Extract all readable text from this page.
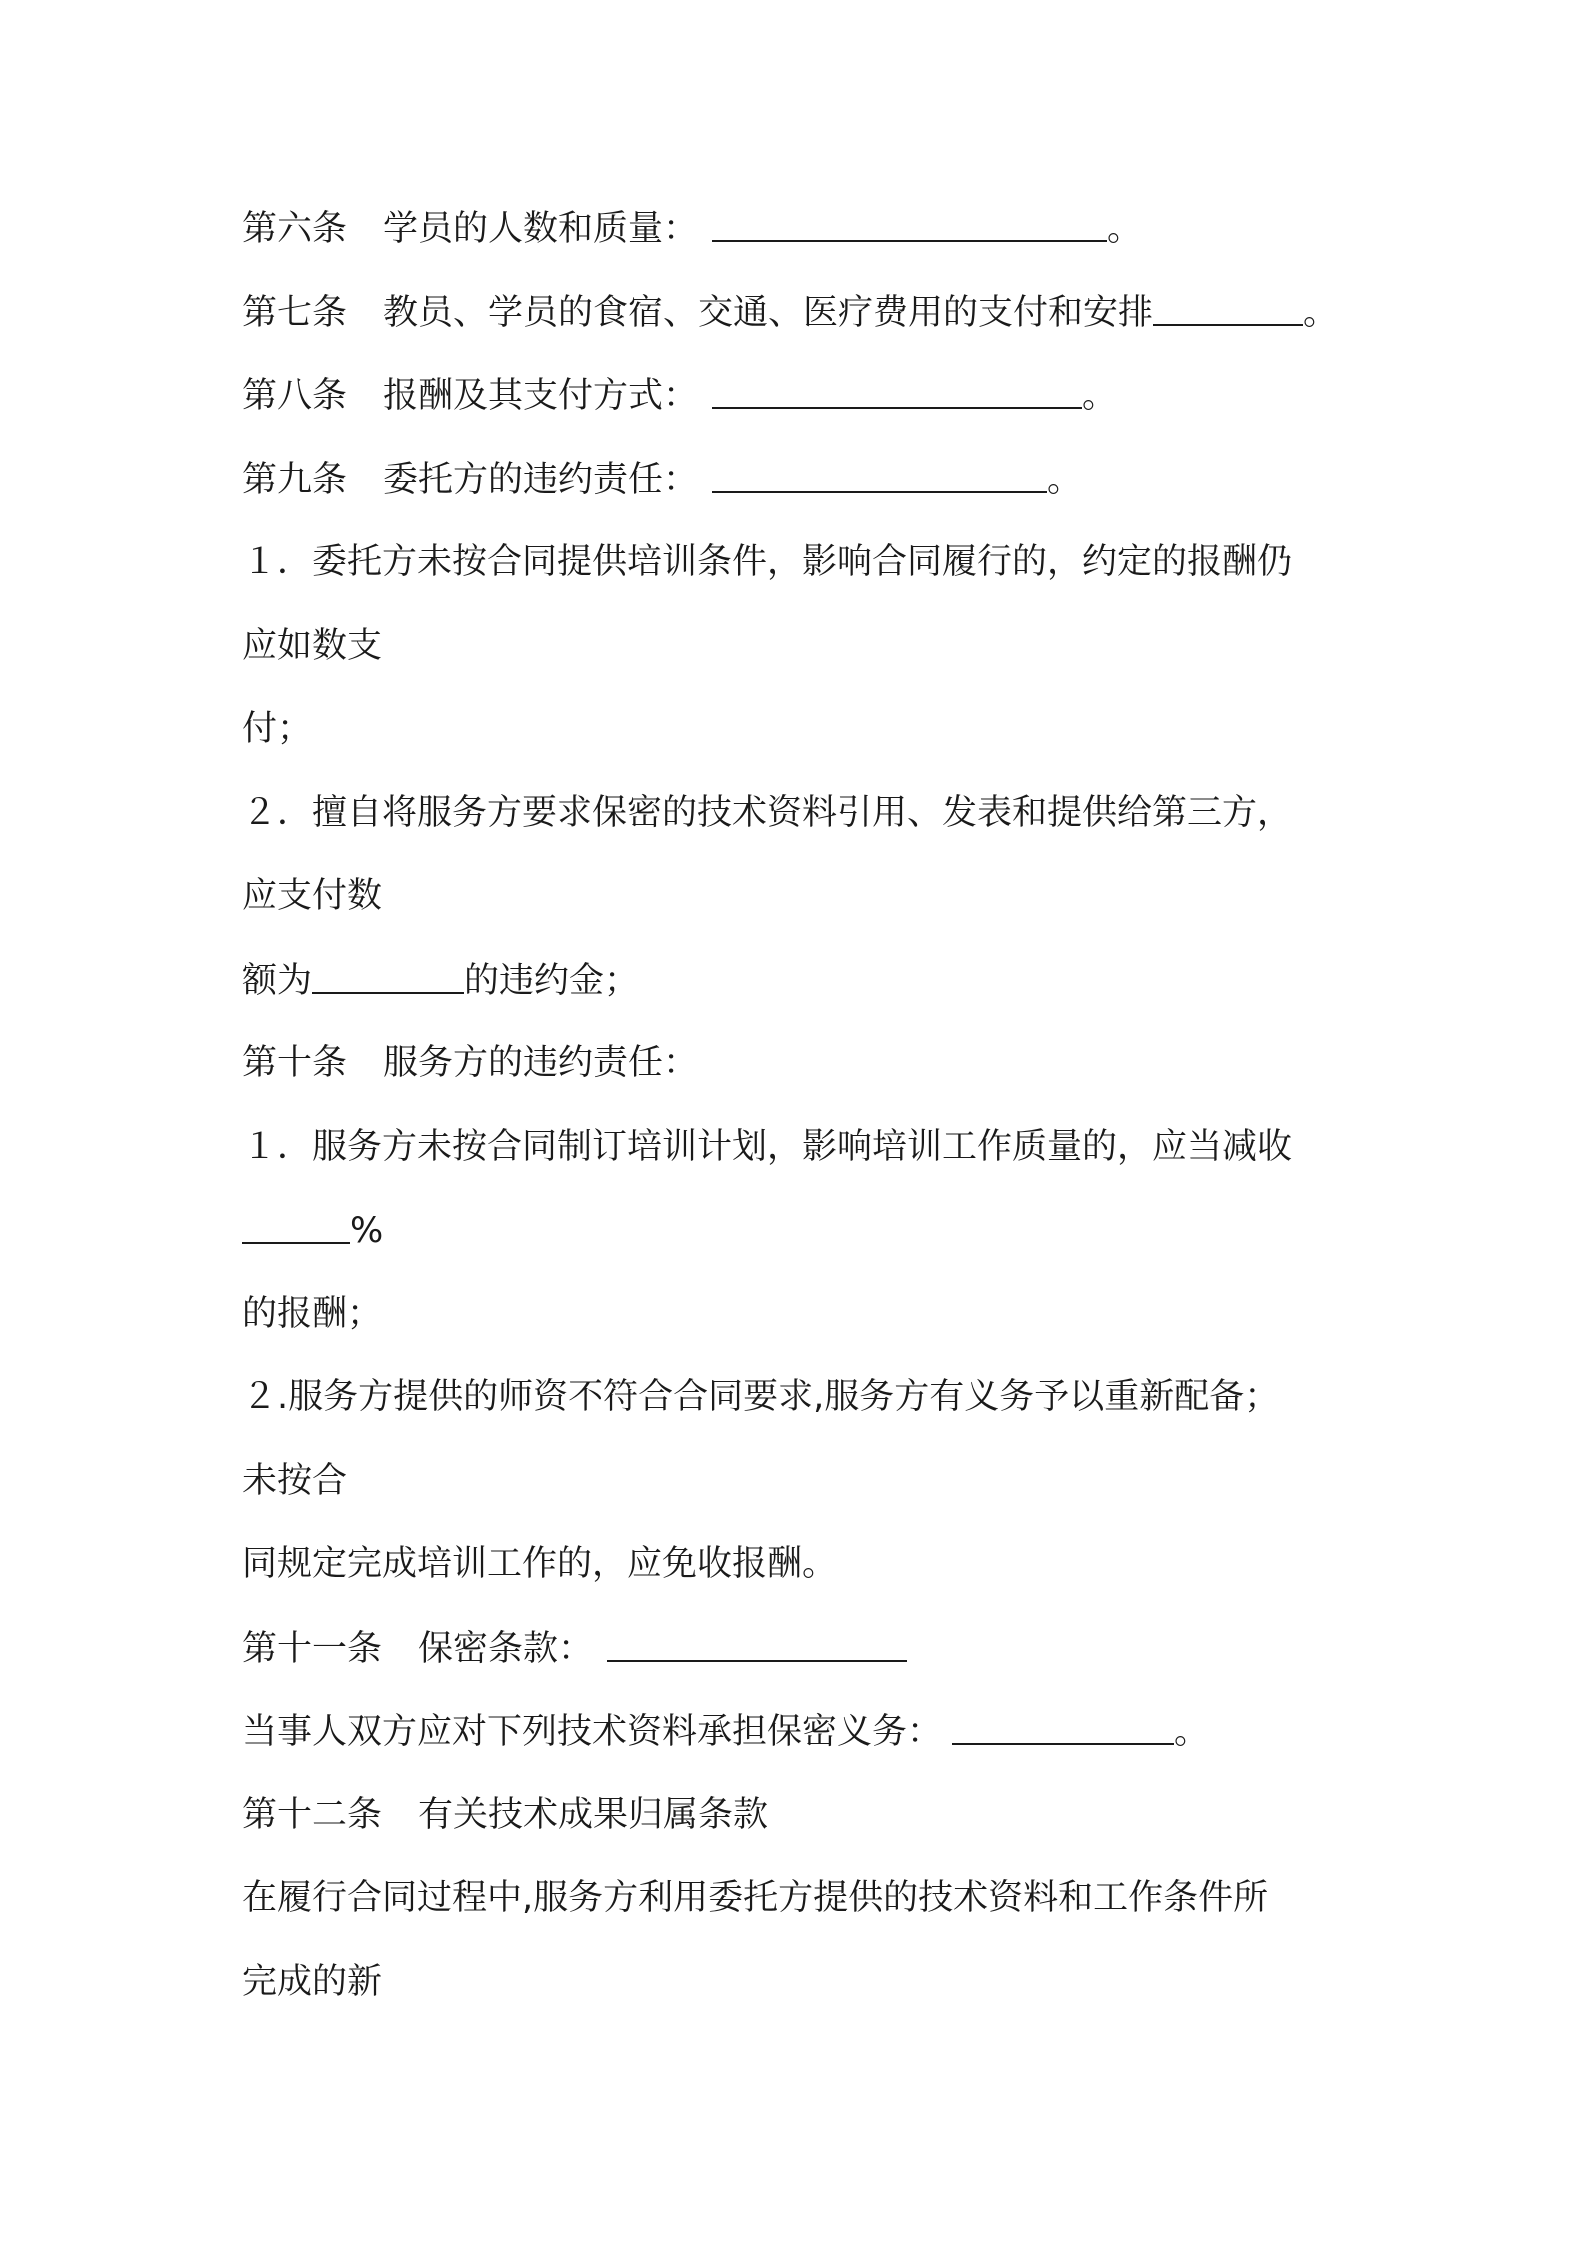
第六条 学员的人数和质量：	。
第七条 教员、学员的食宿、交通、医疗费用的支付和安排	。
第八条 报酬及其支付方式：	。
第九条 委托方的违约责任：	。
１．委托方未按合同提供培训条件，影响合同履行的，约定的报酬仍
应如数支
付；
２．擅自将服务方要求保密的技术资料引用、发表和提供给第三方，
应支付数
额为	的违约金；
第十条 服务方的违约责任：
１．服务方未按合同制订培训计划，影响培训工作质量的，应当减收
%
的报酬；
２.服务方提供的师资不符合合同要求,服务方有义务予以重新配备；
未按合
同规定完成培训工作的，应免收报酬。
第十一条 保密条款：
当事人双方应对下列技术资料承担保密义务：	。
第十二条 有关技术成果归属条款
在履行合同过程中,服务方利用委托方提供的技术资料和工作条件所
完成的新
